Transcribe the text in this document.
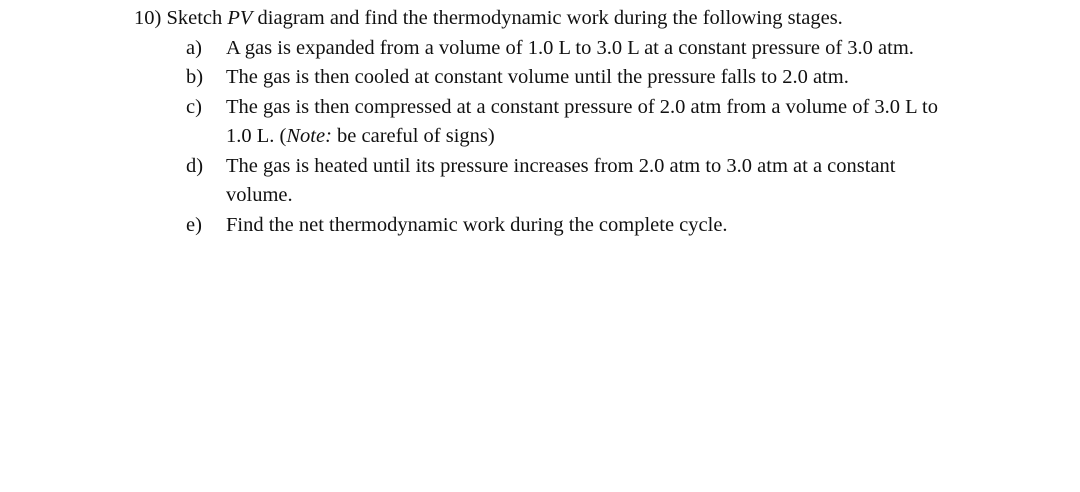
10) Sketch PV diagram and find the thermodynamic work during the following stages.
a)	A gas is expanded from a volume of 1.0 L to 3.0 L at a constant pressure of 3.0 atm.
b)	The gas is then cooled at constant volume until the pressure falls to 2.0 atm.
c)	The gas is then compressed at a constant pressure of 2.0 atm from a volume of 3.0 L to
1.0 L. (Note: be careful of signs)
d)	The gas is heated until its pressure increases from 2.0 atm to 3.0 atm at a constant
volume.
e)	Find the net thermodynamic work during the complete cycle.
